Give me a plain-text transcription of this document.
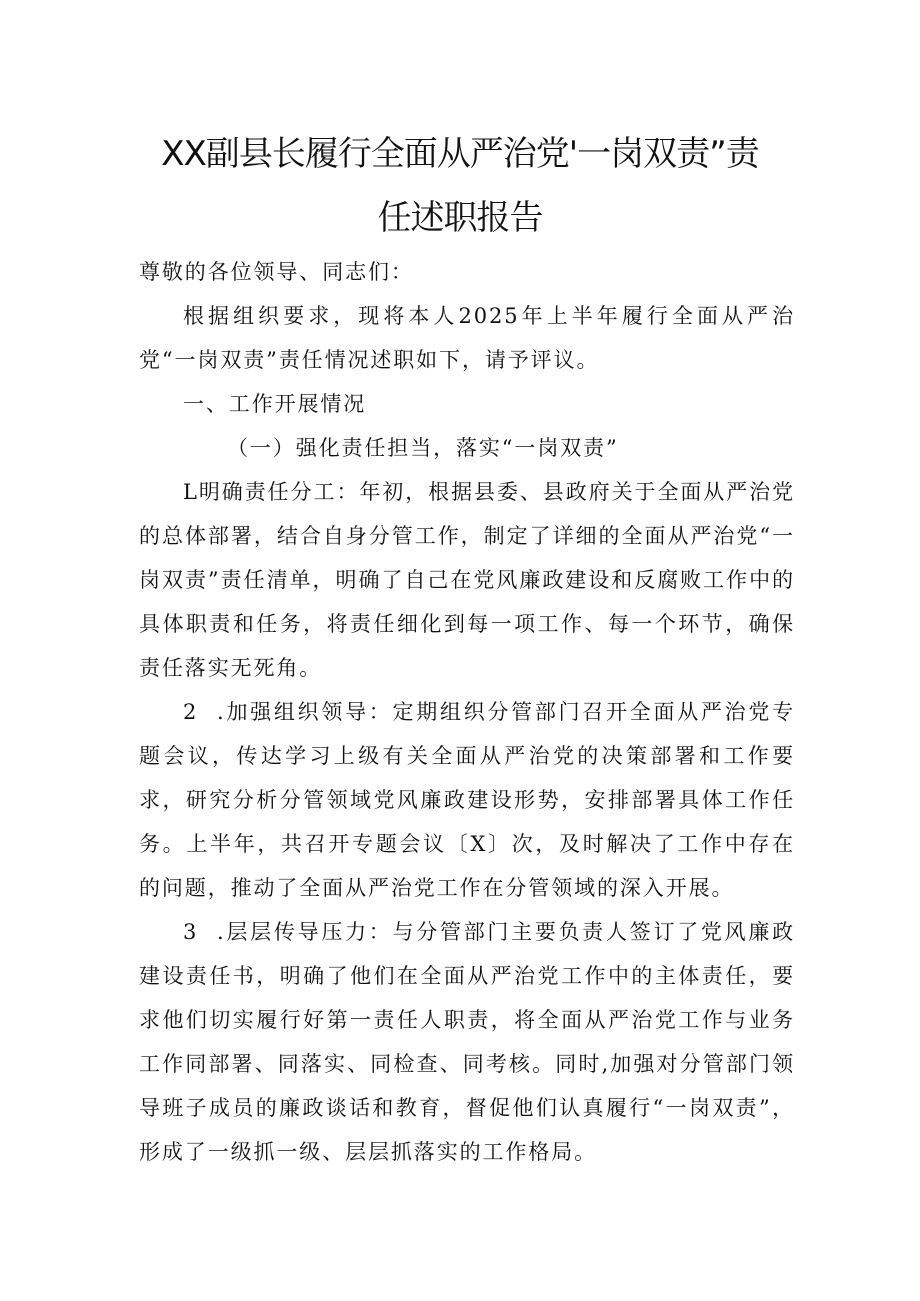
XX副县长履行全面从严治党'一岗双责”责
任述职报告
尊敬的各位领导、同志们：

根据组织要求，现将本人2025年上半年履行全面从严治党“一岗双责”责任情况述职如下，请予评议。

一、工作开展情况

（一）强化责任担当，落实“一岗双责”

L明确责任分工：年初，根据县委、县政府关于全面从严治党的总体部署，结合自身分管工作，制定了详细的全面从严治党“一岗双责”责任清单，明确了自己在党风廉政建设和反腐败工作中的具体职责和任务，将责任细化到每一项工作、每一个环节，确保责任落实无死角。

2  .加强组织领导：定期组织分管部门召开全面从严治党专题会议，传达学习上级有关全面从严治党的决策部署和工作要求，研究分析分管领域党风廉政建设形势，安排部署具体工作任务。上半年，共召开专题会议〔X〕次，及时解决了工作中存在的问题，推动了全面从严治党工作在分管领域的深入开展。

3  .层层传导压力：与分管部门主要负责人签订了党风廉政建设责任书，明确了他们在全面从严治党工作中的主体责任，要求他们切实履行好第一责任人职责，将全面从严治党工作与业务工作同部署、同落实、同检查、同考核。同时,加强对分管部门领导班子成员的廉政谈话和教育，督促他们认真履行“一岗双责”，形成了一级抓一级、层层抓落实的工作格局。
